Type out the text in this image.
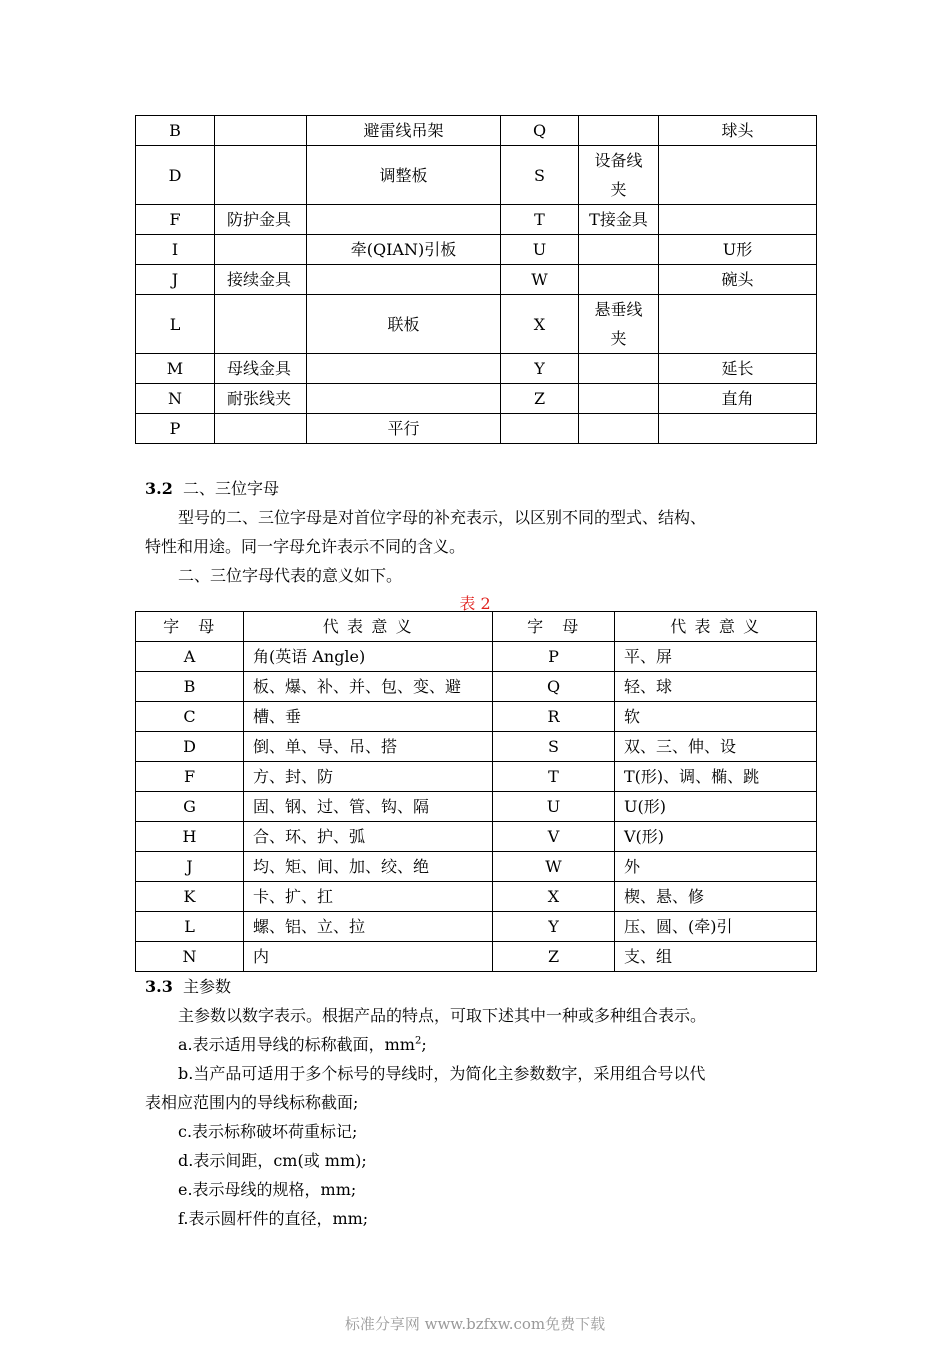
B		避雷线吊架	Q		球头
D		调整板	S	设备线夹	
F	防护金具		T	T接金具	
I		牵(QIAN)引板	U		U形
J	接续金具		W		碗头
L		联板	X	悬垂线夹	
M	母线金具		Y		延长
N	耐张线夹		Z		直角
P		平行			
3.2 二、三位字母
型号的二、三位字母是对首位字母的补充表示，以区别不同的型式、结构、
特性和用途。同一字母允许表示不同的含义。
二、三位字母代表的意义如下。
表 2
字　母	代 表 意 义	字　母	代 表 意 义
A	角(英语 Angle)	P	平、屏
B	板、爆、补、并、包、变、避	Q	轻、球
C	槽、垂	R	软
D	倒、单、导、吊、搭	S	双、三、伸、设
F	方、封、防	T	T(形)、调、椭、跳
G	固、钢、过、管、钩、隔	U	U(形)
H	合、环、护、弧	V	V(形)
J	均、矩、间、加、绞、绝	W	外
K	卡、扩、扛	X	楔、悬、修
L	螺、铝、立、拉	Y	压、圆、(牵)引
N	内	Z	支、组
3.3 主参数
主参数以数字表示。根据产品的特点，可取下述其中一种或多种组合表示。
a.表示适用导线的标称截面，$mm^2$;
b.当产品可适用于多个标号的导线时，为简化主参数数字，采用组合号以代
表相应范围内的导线标称截面;
c.表示标称破坏荷重标记;
d.表示间距，cm(或 mm);
e.表示母线的规格，mm;
f.表示圆杆件的直径，mm;
标准分享网 www.bzfxw.com免费下载
